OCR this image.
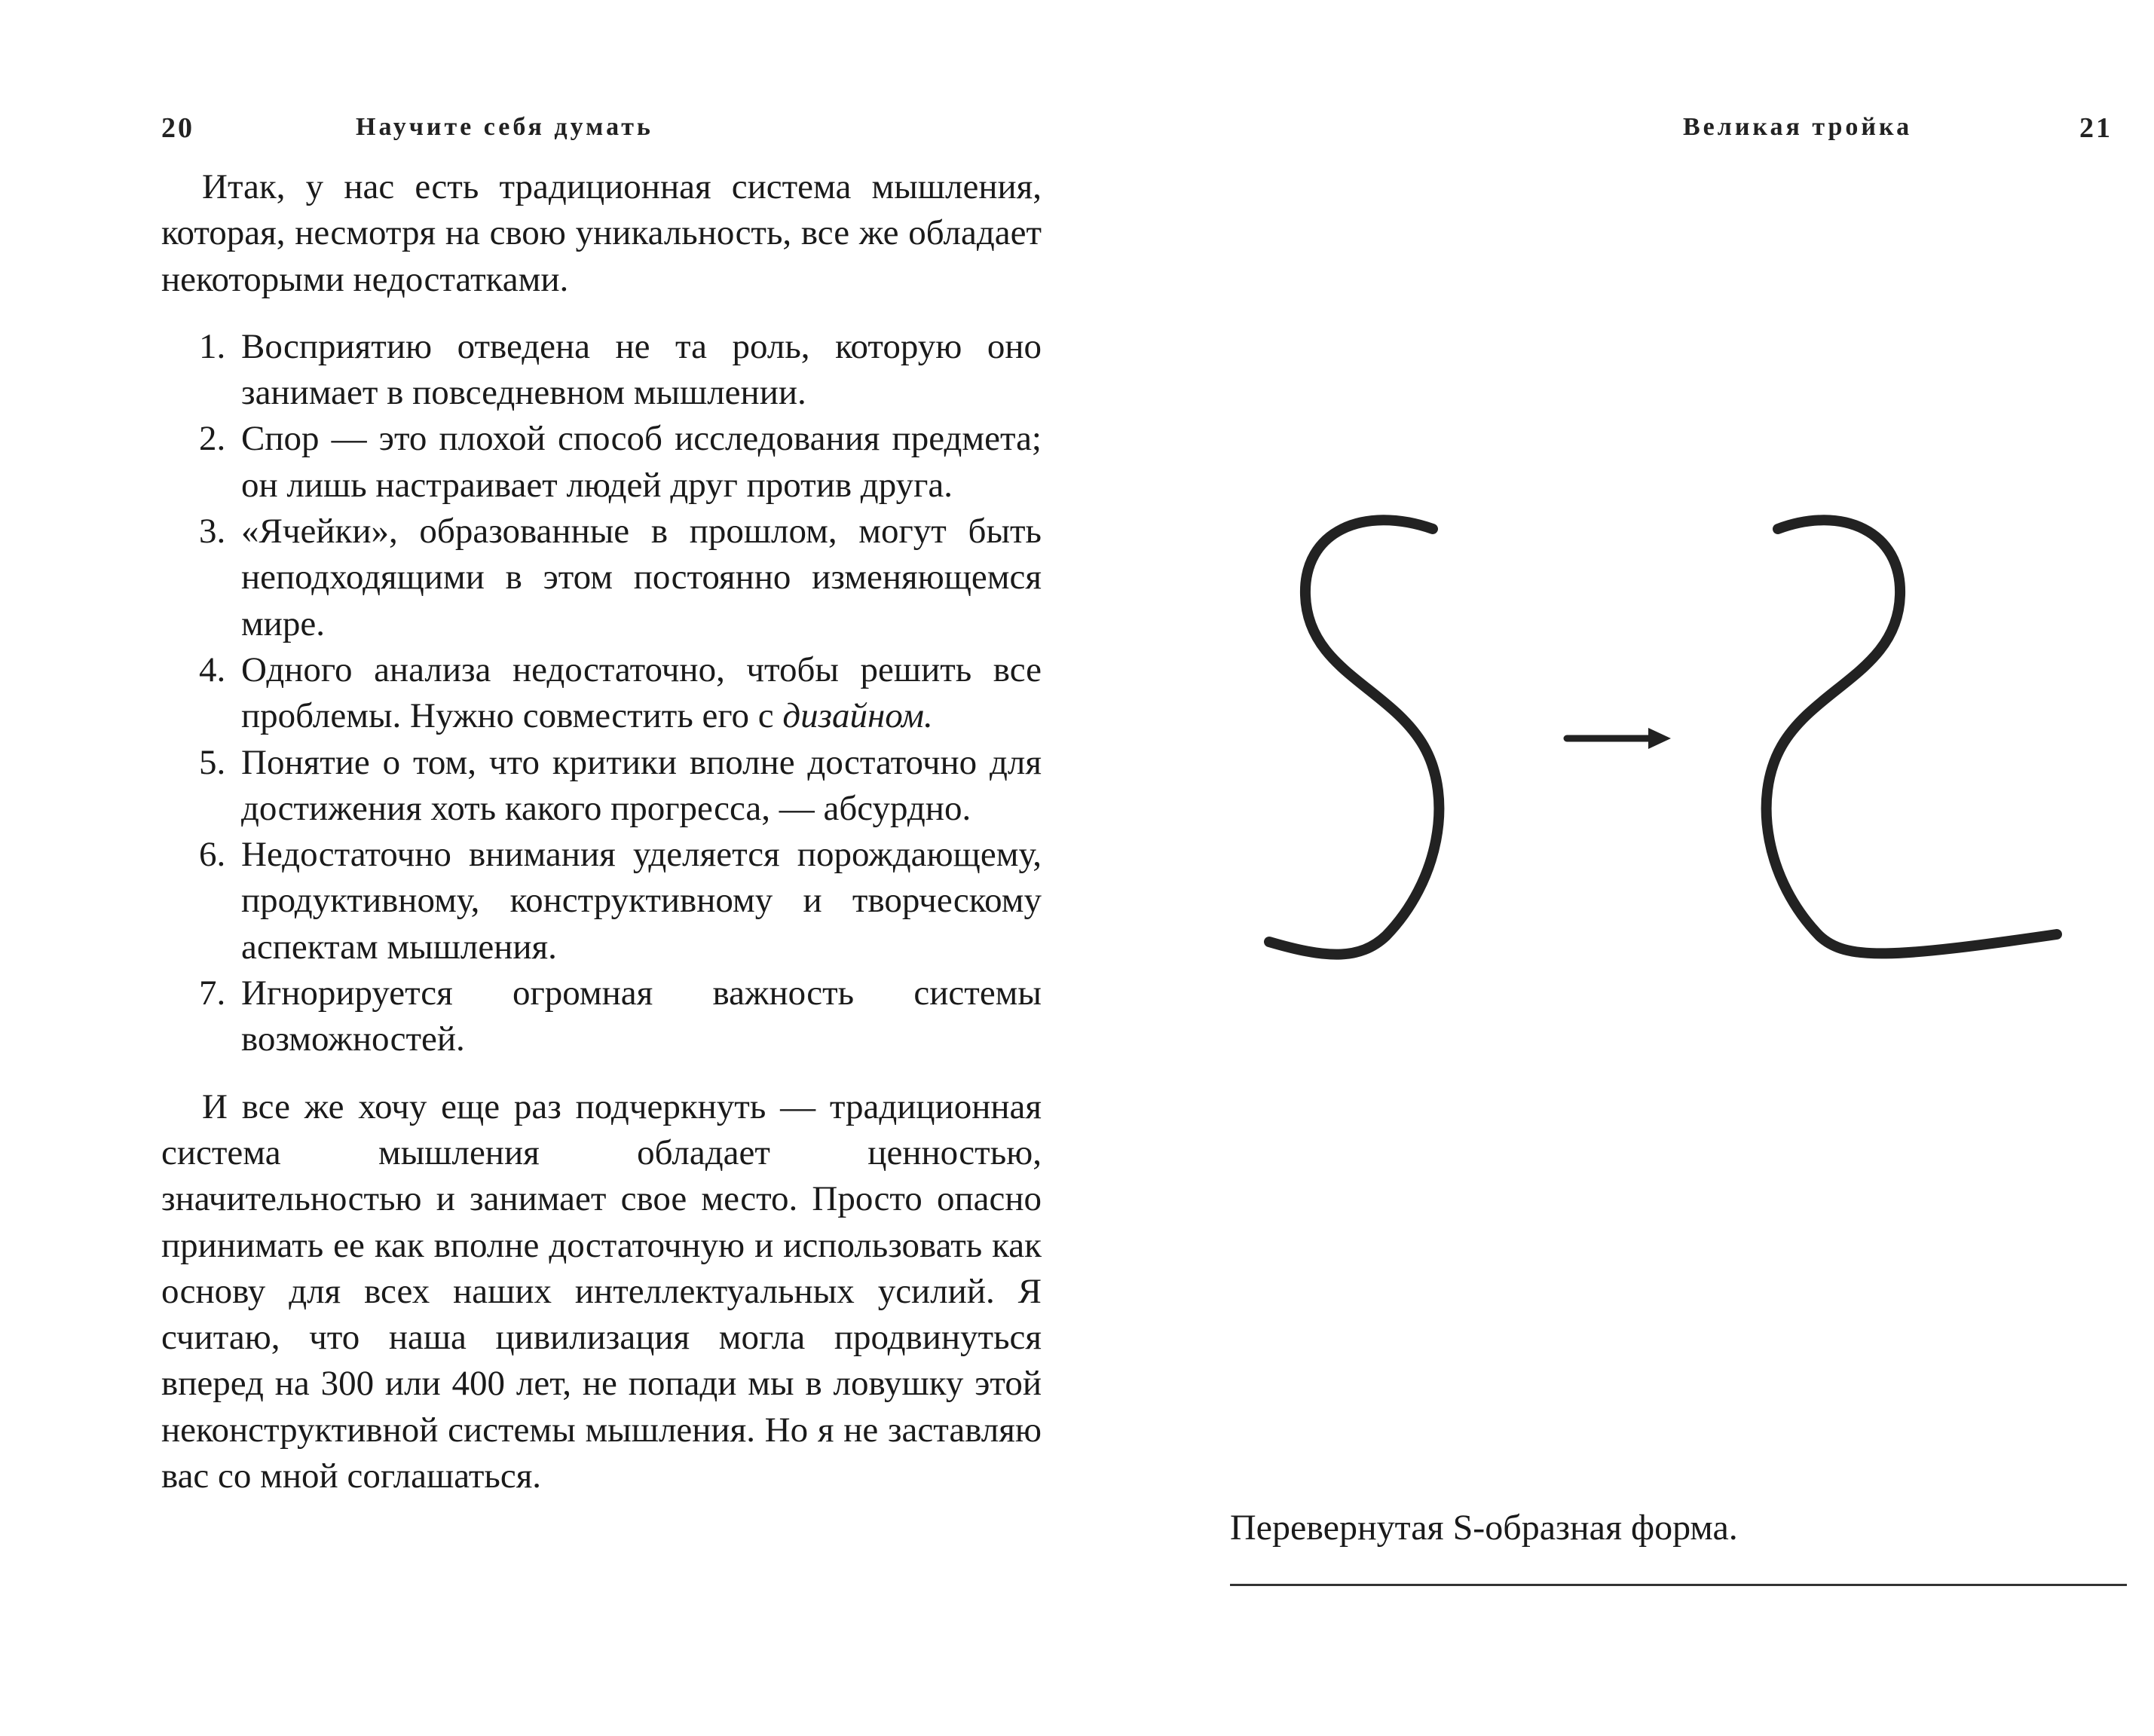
20	Научите себя думать

Итак, у нас есть традиционная система мышления, которая, несмотря на свою уникальность, все же обладает некоторыми недостатками.

1. Восприятию отведена не та роль, которую оно занимает в повседневном мышлении.
2. Спор — это плохой способ исследования предмета; он лишь настраивает людей друг против друга.
3. «Ячейки», образованные в прошлом, могут быть неподходящими в этом постоянно изменяющемся мире.
4. Одного анализа недостаточно, чтобы решить все проблемы. Нужно совместить его с дизайном.
5. Понятие о том, что критики вполне достаточно для достижения хоть какого прогресса, — абсурдно.
6. Недостаточно внимания уделяется порождающему, продуктивному, конструктивному и творческому аспектам мышления.
7. Игнорируется огромная важность системы возможностей.

И все же хочу еще раз подчеркнуть — традиционная система мышления обладает ценностью, значительностью и занимает свое место. Просто опасно принимать ее как вполне достаточную и использовать как основу для всех наших интеллектуальных усилий. Я считаю, что наша цивилизация могла продвинуться вперед на 300 или 400 лет, не попади мы в ловушку этой неконструктивной системы мышления. Но я не заставляю вас со мной соглашаться.

Великая тройка	21
Перевернутая S-образная форма.
